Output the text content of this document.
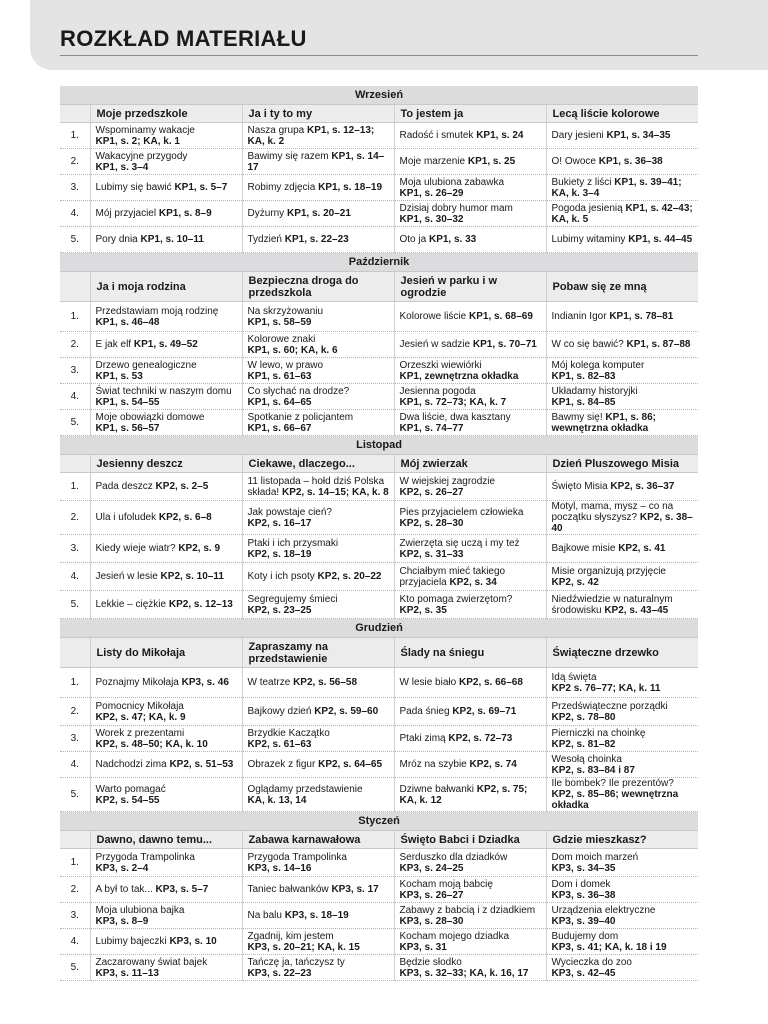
ROZKŁAD MATERIAŁU
Wrzesień				
	Moje przedszkole	Ja i ty to my	To jestem ja	Lecą liście kolorowe
1.	Wspominamy wakacje
KP1, s. 2; KA, k. 1	Nasza grupa KP1, s. 12–13; KA, k. 2	Radość i smutek KP1, s. 24	Dary jesieni KP1, s. 34–35
2.	Wakacyjne przygody
KP1, s. 3–4	Bawimy się razem KP1, s. 14–17	Moje marzenie KP1, s. 25	O! Owoce KP1, s. 36–38
3.	Lubimy się bawić KP1, s. 5–7	Robimy zdjęcia KP1, s. 18–19	Moja ulubiona zabawka
KP1, s. 26–29	Bukiety z liści KP1, s. 39–41; KA, k. 3–4
4.	Mój przyjaciel KP1, s. 8–9	Dyżurny KP1, s. 20–21	Dzisiaj dobry humor mam
KP1, s. 30–32	Pogoda jesienią KP1, s. 42–43; KA, k. 5
5.	Pory dnia KP1, s. 10–11	Tydzień KP1, s. 22–23	Oto ja KP1, s. 33	Lubimy witaminy KP1, s. 44–45
Październik				
	Ja i moja rodzina	Bezpieczna droga do przedszkola	Jesień w parku i w ogrodzie	Pobaw się ze mną
1.	Przedstawiam moją rodzinę
KP1, s. 46–48	Na skrzyżowaniu
KP1, s. 58–59	Kolorowe liście KP1, s. 68–69	Indianin Igor KP1, s. 78–81
2.	E jak elf KP1, s. 49–52	Kolorowe znaki
KP1, s. 60; KA, k. 6	Jesień w sadzie KP1, s. 70–71	W co się bawić? KP1, s. 87–88
3.	Drzewo genealogiczne
KP1, s. 53	W lewo, w prawo
KP1, s. 61–63	Orzeszki wiewiórki
KP1, zewnętrzna okładka	Mój kolega komputer
KP1, s. 82–83
4.	Świat techniki w naszym domu
KP1, s. 54–55	Co słychać na drodze?
KP1, s. 64–65	Jesienna pogoda
KP1, s. 72–73; KA, k. 7	Układamy historyjki
KP1, s. 84–85
5.	Moje obowiązki domowe
KP1, s. 56–57	Spotkanie z policjantem
KP1, s. 66–67	Dwa liście, dwa kasztany
KP1, s. 74–77	Bawmy się! KP1, s. 86;
wewnętrzna okładka
Listopad				
	Jesienny deszcz	Ciekawe, dlaczego...	Mój zwierzak	Dzień Pluszowego Misia
1.	Pada deszcz KP2, s. 2–5	11 listopada – hołd dziś Polska składa! KP2, s. 14–15; KA, k. 8	W wiejskiej zagrodzie
KP2, s. 26–27	Święto Misia KP2, s. 36–37
2.	Ula i ufoludek KP2, s. 6–8	Jak powstaje cień?
KP2, s. 16–17	Pies przyjacielem człowieka
KP2, s. 28–30	Motyl, mama, mysz – co na początku słyszysz? KP2, s. 38–40
3.	Kiedy wieje wiatr? KP2, s. 9	Ptaki i ich przysmaki
KP2, s. 18–19	Zwierzęta się uczą i my też
KP2, s. 31–33	Bajkowe misie KP2, s. 41
4.	Jesień w lesie KP2, s. 10–11	Koty i ich psoty KP2, s. 20–22	Chciałbym mieć takiego przyjaciela KP2, s. 34	Misie organizują przyjęcie
KP2, s. 42
5.	Lekkie – ciężkie KP2, s. 12–13	Segregujemy śmieci
KP2, s. 23–25	Kto pomaga zwierzętom?
KP2, s. 35	Niedźwiedzie w naturalnym środowisku KP2, s. 43–45
Grudzień				
	Listy do Mikołaja	Zapraszamy na przedstawienie	Ślady na śniegu	Świąteczne drzewko
1.	Poznajmy Mikołaja KP3, s. 46	W teatrze KP2, s. 56–58	W lesie biało KP2, s. 66–68	Idą święta
KP2 s. 76–77; KA, k. 11
2.	Pomocnicy Mikołaja
KP2, s. 47; KA, k. 9	Bajkowy dzień KP2, s. 59–60	Pada śnieg KP2, s. 69–71	Przedświąteczne porządki
KP2, s. 78–80
3.	Worek z prezentami
KP2, s. 48–50; KA, k. 10	Brzydkie Kaczątko
KP2, s. 61–63	Ptaki zimą KP2, s. 72–73	Pierniczki na choinkę
KP2, s. 81–82
4.	Nadchodzi zima KP2, s. 51–53	Obrazek z figur KP2, s. 64–65	Mróz na szybie KP2, s. 74	Wesołą choinka
KP2, s. 83–84 i 87
5.	Warto pomagać
KP2, s. 54–55	Oglądamy przedstawienie
KA, k. 13, 14	Dziwne bałwanki KP2, s. 75; KA, k. 12	Ile bombek? Ile prezentów?
KP2, s. 85–86; wewnętrzna okładka
Styczeń				
	Dawno, dawno temu...	Zabawa karnawałowa	Święto Babci i Dziadka	Gdzie mieszkasz?
1.	Przygoda Trampolinka
KP3, s. 2–4	Przygoda Trampolinka
KP3, s. 14–16	Serduszko dla dziadków
KP3, s. 24–25	Dom moich marzeń
KP3, s. 34–35
2.	A był to tak... KP3, s. 5–7	Taniec bałwanków KP3, s. 17	Kocham moją babcię
KP3, s. 26–27	Dom i domek
KP3, s. 36–38
3.	Moja ulubiona bajka
KP3, s. 8–9	Na balu KP3, s. 18–19	Zabawy z babcią i z dziadkiem
KP3, s. 28–30	Urządzenia elektryczne
KP3, s. 39–40
4.	Lubimy bajeczki KP3, s. 10	Zgadnij, kim jestem
KP3, s. 20–21; KA, k. 15	Kocham mojego dziadka
KP3, s. 31	Budujemy dom
KP3, s. 41; KA, k. 18 i 19
5.	Zaczarowany świat bajek
KP3, s. 11–13	Tańczę ja, tańczysz ty
KP3, s. 22–23	Będzie słodko
KP3, s. 32–33; KA, k. 16, 17	Wycieczka do zoo
KP3, s. 42–45
